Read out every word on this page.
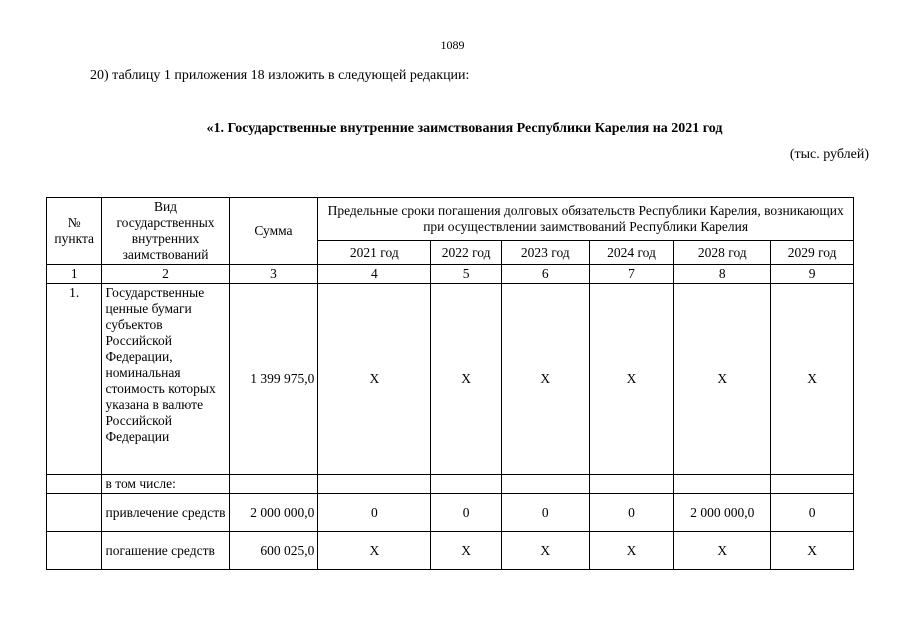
1089
20) таблицу 1 приложения 18 изложить в следующей редакции:
«1. Государственные внутренние заимствования Республики Карелия на 2021 год
(тыс. рублей)
№ пункта	Вид государственных внутренних заимствований	Сумма	Предельные сроки погашения долговых обязательств Республики Карелия, возникающих при осуществлении заимствований Республики Карелия					
			2021 год	2022 год	2023 год	2024 год	2028 год	2029 год
1	2	3	4	5	6	7	8	9
1.	Государственные ценные бумаги субъектов Российской Федерации, номинальная стоимость которых указана в валюте Российской Федерации	1 399 975,0	Х	Х	Х	Х	Х	Х
	в том числе:							
	привлечение средств	2 000 000,0	0	0	0	0	2 000 000,0	0
	погашение средств	600 025,0	Х	Х	Х	Х	Х	Х
